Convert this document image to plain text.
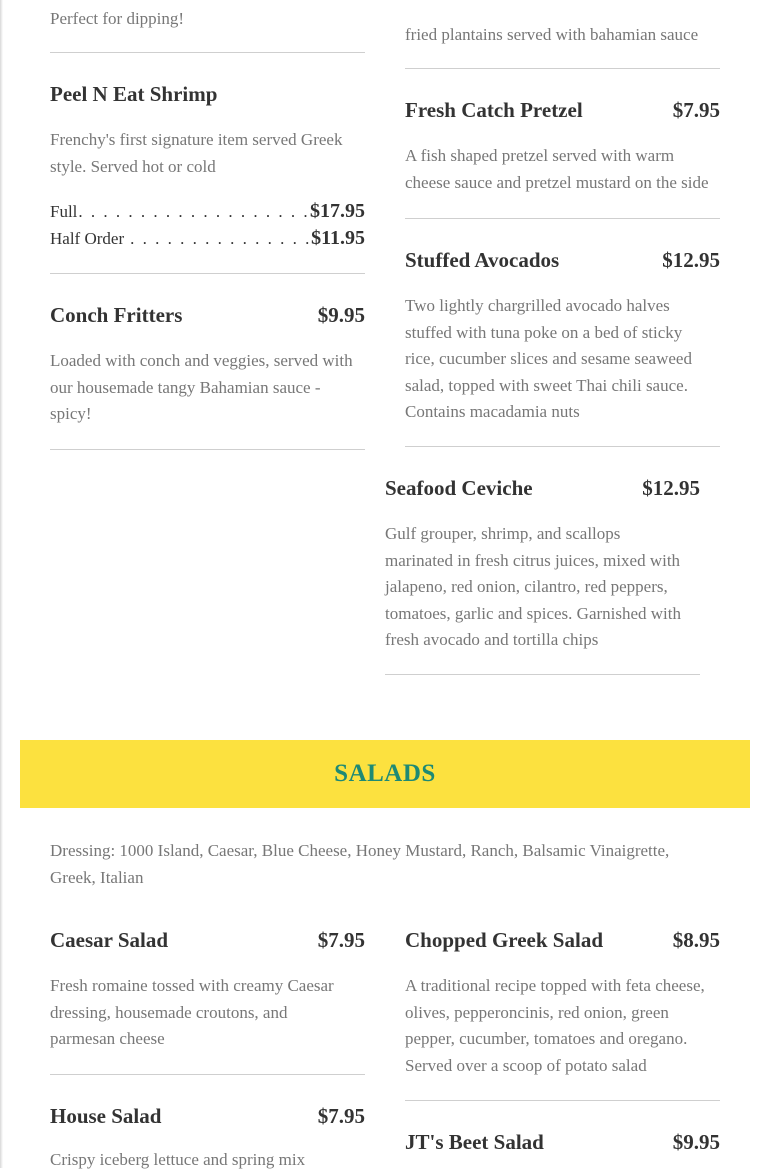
Perfect for dipping!
Peel N Eat Shrimp
Frenchy's first signature item served Greek
style. Served hot or cold
Full . . .	$17.95
Half Order . . .	$11.95
Conch Fritters	$9.95
Loaded with conch and veggies, served with
our housemade tangy Bahamian sauce -
spicy!
fried plantains served with bahamian sauce
Fresh Catch Pretzel	$7.95
A fish shaped pretzel served with warm
cheese sauce and pretzel mustard on the side
Stuffed Avocados	$12.95
Two lightly chargrilled avocado halves
stuffed with tuna poke on a bed of sticky
rice, cucumber slices and sesame seaweed
salad, topped with sweet Thai chili sauce.
Contains macadamia nuts
Seafood Ceviche	$12.95
Gulf grouper, shrimp, and scallops
marinated in fresh citrus juices, mixed with
jalapeno, red onion, cilantro, red peppers,
tomatoes, garlic and spices. Garnished with
fresh avocado and tortilla chips
SALADS
Dressing: 1000 Island, Caesar, Blue Cheese, Honey Mustard, Ranch, Balsamic Vinaigrette,
Greek, Italian
Caesar Salad	$7.95
Fresh romaine tossed with creamy Caesar
dressing, housemade croutons, and
parmesan cheese
House Salad	$7.95
Crispy iceberg lettuce and spring mix
Chopped Greek Salad	$8.95
A traditional recipe topped with feta cheese,
olives, pepperoncinis, red onion, green
pepper, cucumber, tomatoes and oregano.
Served over a scoop of potato salad
JT's Beet Salad	$9.95
